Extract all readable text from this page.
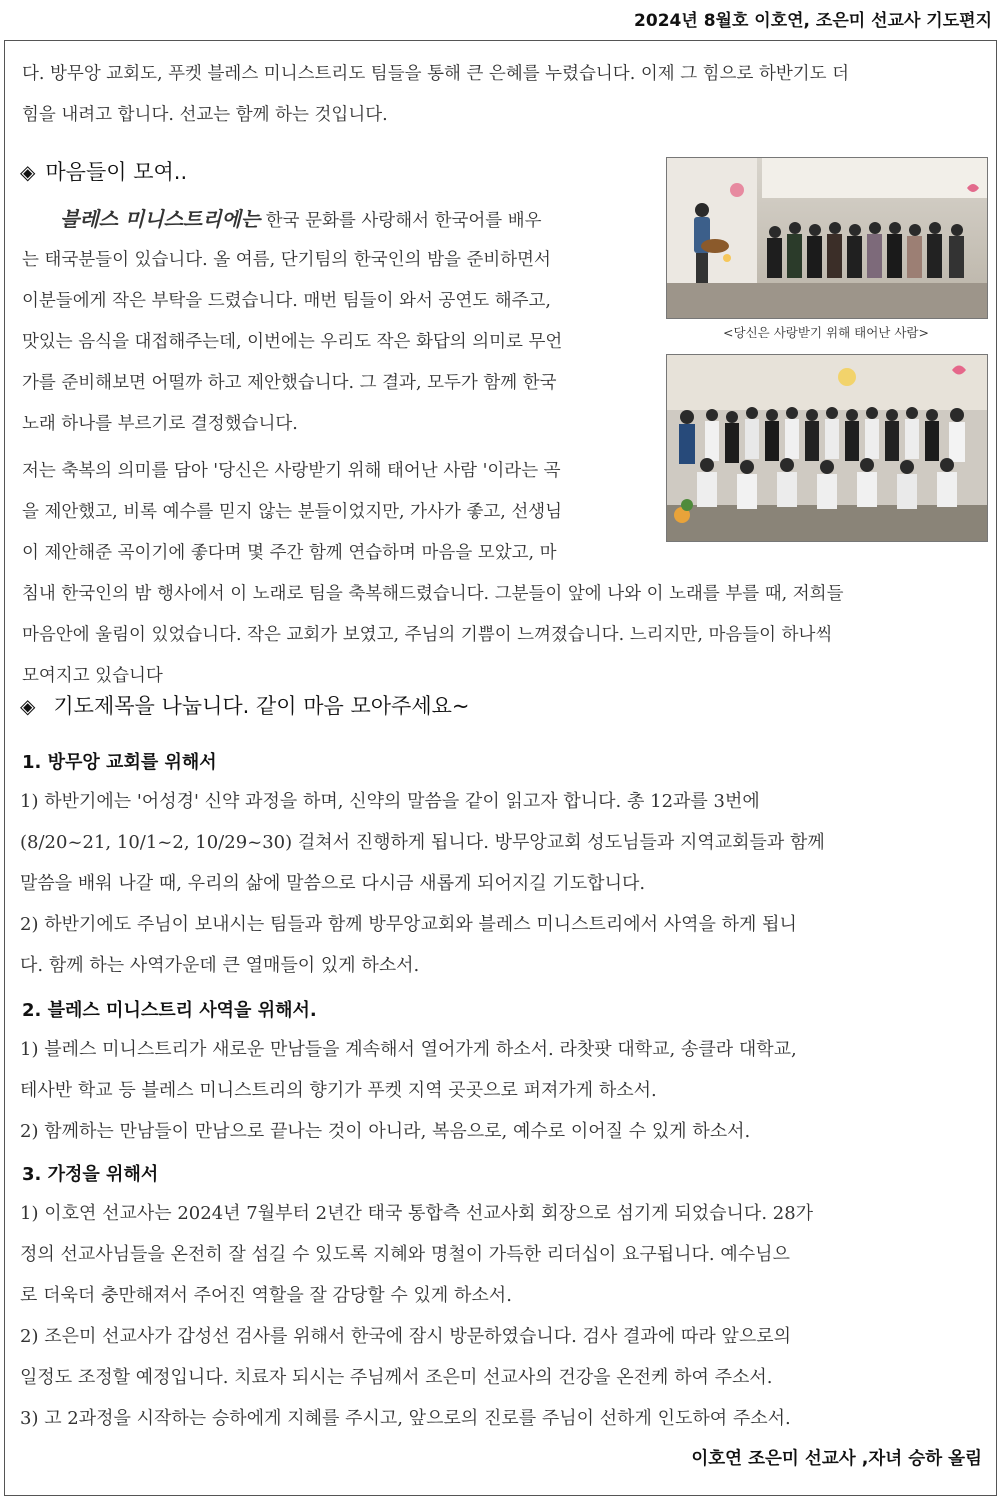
2024년 8월호 이호연, 조은미 선교사 기도편지
다. 방무앙 교회도, 푸켓 블레스 미니스트리도 팀들을 통해 큰 은혜를 누렸습니다. 이제 그 힘으로 하반기도 더
힘을 내려고 합니다. 선교는 함께 하는 것입니다.
◈ 마음들이 모여..
블레스 미니스트리에는 한국 문화를 사랑해서 한국어를 배우
는 태국분들이 있습니다. 올 여름, 단기팀의 한국인의 밤을 준비하면서
이분들에게 작은 부탁을 드렸습니다. 매번 팀들이 와서 공연도 해주고,
맛있는 음식을 대접해주는데, 이번에는 우리도 작은 화답의 의미로 무언
가를 준비해보면 어떨까 하고 제안했습니다. 그 결과, 모두가 함께 한국
노래 하나를 부르기로 결정했습니다.
저는 축복의 의미를 담아 '당신은 사랑받기 위해 태어난 사람 '이라는 곡
을 제안했고, 비록 예수를 믿지 않는 분들이었지만, 가사가 좋고, 선생님
이 제안해준 곡이기에 좋다며 몇 주간 함께 연습하며 마음을 모았고, 마
침내 한국인의 밤 행사에서 이 노래로 팀을 축복해드렸습니다. 그분들이 앞에 나와 이 노래를 부를 때, 저희들
마음안에 울림이 있었습니다. 작은 교회가 보였고, 주님의 기쁨이 느껴졌습니다. 느리지만, 마음들이 하나씩
모여지고 있습니다
<당신은 사랑받기 위해 태어난 사람>
◈ 기도제목을 나눕니다. 같이 마음 모아주세요~
1. 방무앙 교회를 위해서
1) 하반기에는 '어성경' 신약 과정을 하며, 신약의 말씀을 같이 읽고자 합니다. 총 12과를 3번에
(8/20~21, 10/1~2, 10/29~30) 걸쳐서 진행하게 됩니다. 방무앙교회 성도님들과 지역교회들과 함께
말씀을 배워 나갈 때, 우리의 삶에 말씀으로 다시금 새롭게 되어지길 기도합니다.
2) 하반기에도 주님이 보내시는 팀들과 함께 방무앙교회와 블레스 미니스트리에서 사역을 하게 됩니
다. 함께 하는 사역가운데 큰 열매들이 있게 하소서.
2. 블레스 미니스트리 사역을 위해서.
1) 블레스 미니스트리가 새로운 만남들을 계속해서 열어가게 하소서. 라찻팟 대학교, 송클라 대학교,
테사반 학교 등 블레스 미니스트리의 향기가 푸켓 지역 곳곳으로 퍼져가게 하소서.
2) 함께하는 만남들이 만남으로 끝나는 것이 아니라, 복음으로, 예수로 이어질 수 있게 하소서.
3. 가정을 위해서
1) 이호연 선교사는 2024년 7월부터 2년간 태국 통합측 선교사회 회장으로 섬기게 되었습니다. 28가
정의 선교사님들을 온전히 잘 섬길 수 있도록 지혜와 명철이 가득한 리더십이 요구됩니다. 예수님으
로 더욱더 충만해져서 주어진 역할을 잘 감당할 수 있게 하소서.
2) 조은미 선교사가 갑성선 검사를 위해서 한국에 잠시 방문하였습니다. 검사 결과에 따라 앞으로의
일정도 조정할 예정입니다. 치료자 되시는 주님께서 조은미 선교사의 건강을 온전케 하여 주소서.
3) 고 2과정을 시작하는 승하에게 지혜를 주시고, 앞으로의 진로를 주님이 선하게 인도하여 주소서.
이호연 조은미 선교사 ,자녀 승하 올림
